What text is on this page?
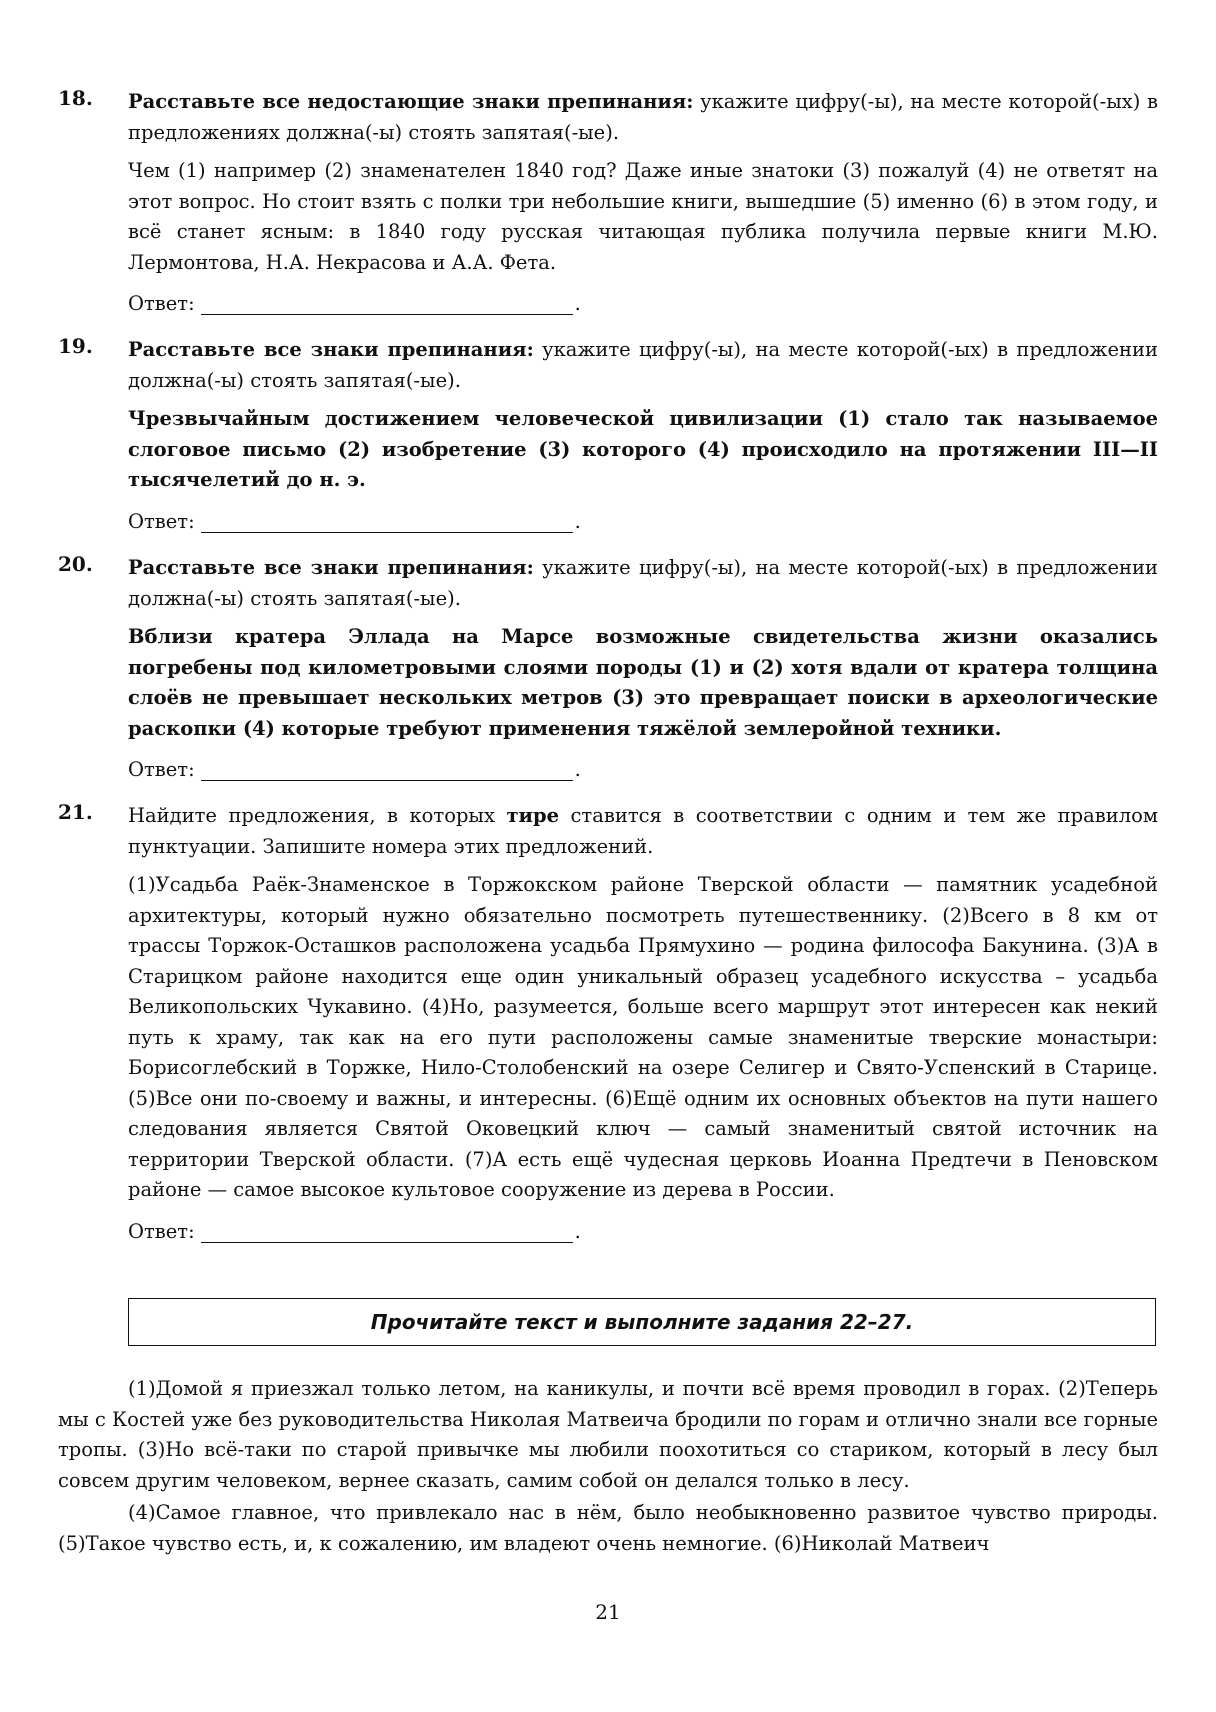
18. Расставьте все недостающие знаки препинания: укажите цифру(-ы), на месте которой(-ых) в предложениях должна(-ы) стоять запятая(-ые).
Чем (1) например (2) знаменателен 1840 год? Даже иные знатоки (3) пожалуй (4) не ответят на этот вопрос. Но стоит взять с полки три небольшие книги, вышедшие (5) именно (6) в этом году, и всё станет ясным: в 1840 году русская читающая публика получила первые книги М.Ю. Лермонтова, Н.А. Некрасова и А.А. Фета.
Ответ:	.
19. Расставьте все знаки препинания: укажите цифру(-ы), на месте которой(-ых) в предложении должна(-ы) стоять запятая(-ые).
Чрезвычайным достижением человеческой цивилизации (1) стало так называемое слоговое письмо (2) изобретение (3) которого (4) происходило на протяжении III—II тысячелетий до н. э.
Ответ:	.
20. Расставьте все знаки препинания: укажите цифру(-ы), на месте которой(-ых) в предложении должна(-ы) стоять запятая(-ые).
Вблизи кратера Эллада на Марсе возможные свидетельства жизни оказались погребены под километровыми слоями породы (1) и (2) хотя вдали от кратера толщина слоёв не превышает нескольких метров (3) это превращает поиски в археологические раскопки (4) которые требуют применения тяжёлой землеройной техники.
Ответ:	.
21. Найдите предложения, в которых тире ставится в соответствии с одним и тем же правилом пунктуации. Запишите номера этих предложений.
(1)Усадьба Раёк-Знаменское в Торжокском районе Тверской области — памятник усадебной архитектуры, который нужно обязательно посмотреть путешественнику. (2)Всего в 8 км от трассы Торжок-Осташков расположена усадьба Прямухино — родина философа Бакунина. (3)А в Старицком районе находится еще один уникальный образец усадебного искусства – усадьба Великопольских Чукавино. (4)Но, разумеется, больше всего маршрут этот интересен как некий путь к храму, так как на его пути расположены самые знаменитые тверские монастыри: Борисоглебский в Торжке, Нило-Столобенский на озере Селигер и Свято-Успенский в Старице. (5)Все они по-своему и важны, и интересны. (6)Ещё одним их основных объектов на пути нашего следования является Святой Оковецкий ключ — самый знаменитый святой источник на территории Тверской области. (7)А есть ещё чудесная церковь Иоанна Предтечи в Пеновском районе — самое высокое культовое сооружение из дерева в России.
Ответ:	.
Прочитайте текст и выполните задания 22–27.

(1)Домой я приезжал только летом, на каникулы, и почти всё время проводил в горах. (2)Теперь мы с Костей уже без руководительства Николая Матвеича бродили по горам и отлично знали все горные тропы. (3)Но всё-таки по старой привычке мы любили поохотиться со стариком, который в лесу был совсем другим человеком, вернее сказать, самим собой он делался только в лесу.

(4)Самое главное, что привлекало нас в нём, было необыкновенно развитое чувство природы. (5)Такое чувство есть, и, к сожалению, им владеют очень немногие. (6)Николай Матвеич

21
